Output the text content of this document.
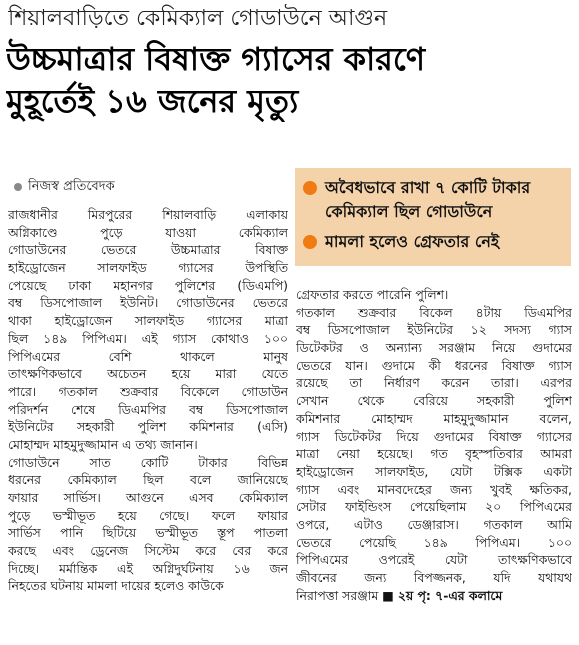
শিয়ালবাড়িতে কেমিক্যাল গোডাউনে আগুন
উচ্চমাত্রার বিষাক্ত গ্যাসের কারণে
মুহূর্তেই ১৬ জনের মৃত্যু
নিজস্ব প্রতিবেদক	অবৈধভাবে রাখা ৭ কোটি টাকার কেমিক্যাল ছিল গোডাউনে
মামলা হলেও গ্রেফতার নেই
রাজধানীর মিরপুরের শিয়ালবাড়ি এলাকায়
অগ্নিকাণ্ডে পুড়ে যাওয়া কেমিক্যাল
গোডাউনের ভেতরে উচ্চমাত্রার বিষাক্ত
হাইড্রোজেন সালফাইড গ্যাসের উপস্থিতি
পেয়েছে ঢাকা মহানগর পুলিশের (ডিএমপি)
বম্ব ডিসপোজাল ইউনিট। গোডাউনের ভেতরে
থাকা হাইড্রোজেন সালফাইড গ্যাসের মাত্রা
ছিল ১৪৯ পিপিএম। এই গ্যাস কোথাও ১০০
পিপিএমের বেশি থাকলে মানুষ
তাৎক্ষণিকভাবে অচেতন হয়ে মারা যেতে
পারে। গতকাল শুক্রবার বিকেলে গোডাউন
পরিদর্শন শেষে ডিএমপির বম্ব ডিসপোজাল
ইউনিটের সহকারী পুলিশ কমিশনার (এসি)
মোহাম্মদ মাহমুদুজ্জামান এ তথ্য জানান।
গোডাউনে সাত কোটি টাকার বিভিন্ন
ধরনের কেমিক্যাল ছিল বলে জানিয়েছে
ফায়ার সার্ভিস। আগুনে এসব কেমিক্যাল
পুড়ে ভস্মীভূত হয়ে গেছে। ফলে ফায়ার
সার্ভিস পানি ছিটিয়ে ভস্মীভূত স্তূপ পাতলা
করছে এবং ড্রেনেজ সিস্টেম করে বের করে
দিচ্ছে। মর্মান্তিক এই অগ্নিদুর্ঘটনায় ১৬ জন
নিহতের ঘটনায় মামলা দায়ের হলেও কাউকে
গ্রেফতার করতে পারেনি পুলিশ।
গতকাল শুক্রবার বিকেল ৪টায় ডিএমপির
বম্ব ডিসপোজাল ইউনিটের ১২ সদস্য গ্যাস
ডিটেকটর ও অন্যান্য সরঞ্জাম নিয়ে গুদামের
ভেতরে যান। গুদামে কী ধরনের বিষাক্ত গ্যাস
রয়েছে তা নির্ধারণ করেন তারা। এরপর
সেখান থেকে বেরিয়ে সহকারী পুলিশ
কমিশনার মোহাম্মদ মাহমুদুজ্জামান বলেন,
গ্যাস ডিটেকটর দিয়ে গুদামের বিষাক্ত গ্যাসের
মাত্রা নেয়া হয়েছে। গত বৃহস্পতিবার আমরা
হাইড্রোজেন সালফাইড, যেটা টক্সিক একটা
গ্যাস এবং মানবদেহের জন্য খুবই ক্ষতিকর,
সেটার ফাইন্ডিংস পেয়েছিলাম ২০ পিপিএমের
ওপরে, এটাও ডেঞ্জারাস। গতকাল আমি
ভেতরে পেয়েছি ১৪৯ পিপিএম। ১০০
পিপিএমের ওপরেই যেটা তাৎক্ষণিকভাবে
জীবনের জন্য বিপজ্জনক, যদি যথাযথ
নিরাপত্তা সরঞ্জাম ■ ২য় পৃ: ৭-এর কলামে
